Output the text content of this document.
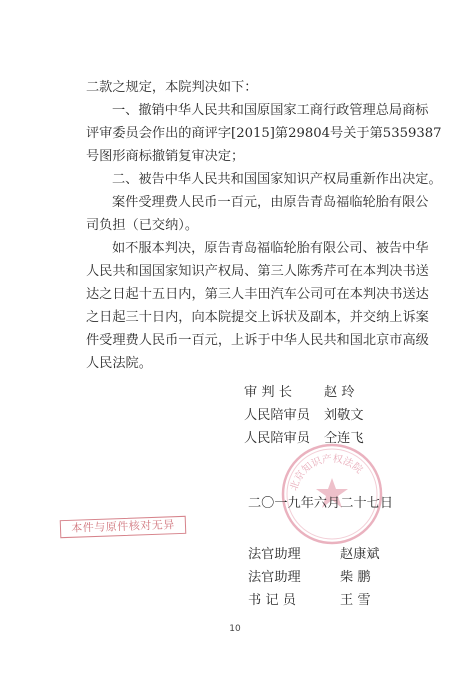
二款之规定，本院判决如下：

一、撤销中华人民共和国原国家工商行政管理总局商标
评审委员会作出的商评字[2015]第29804号关于第5359387
号图形商标撤销复审决定；

二、被告中华人民共和国国家知识产权局重新作出决定。

案件受理费人民币一百元，由原告青岛福临轮胎有限公
司负担（已交纳）。

如不服本判决，原告青岛福临轮胎有限公司、被告中华
人民共和国国家知识产权局、第三人陈秀芹可在本判决书送
达之日起十五日内，第三人丰田汽车公司可在本判决书送达
之日起三十日内，向本院提交上诉状及副本，并交纳上诉案
件受理费人民币一百元，上诉于中华人民共和国北京市高级
人民法院。

北京知识产权法院
本件与原件核对无异
审 判 长	赵 玲
人民陪审员	刘敬文
人民陪审员	仝连飞
二〇一九年六月二十七日
法官助理	赵康斌
法官助理	柴 鹏
书 记 员	王 雪
10
